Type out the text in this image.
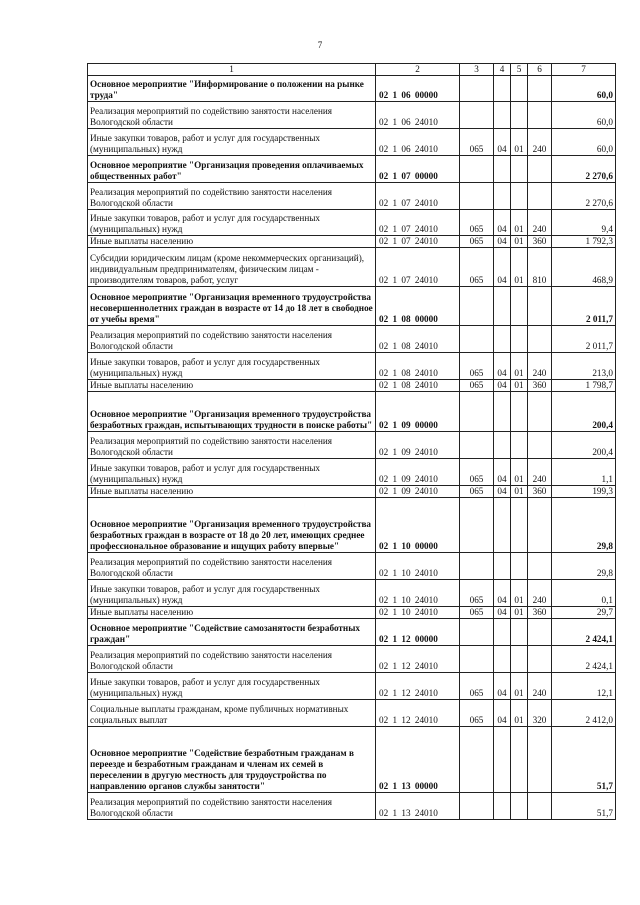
7
1	2	3	4	5	6	7
Основное мероприятие "Информирование о положении на рынке труда"	02 1 06 00000					60,0
Реализация мероприятий по содействию занятости населения Вологодской области	02 1 06 24010					60,0
Иные закупки товаров, работ и услуг для государственных (муниципальных) нужд	02 1 06 24010	065	04	01	240	60,0
Основное мероприятие "Организация проведения оплачиваемых общественных работ"	02 1 07 00000					2 270,6
Реализация мероприятий по содействию занятости населения Вологодской области	02 1 07 24010					2 270,6
Иные закупки товаров, работ и услуг для государственных (муниципальных) нужд	02 1 07 24010	065	04	01	240	9,4
Иные выплаты населению	02 1 07 24010	065	04	01	360	1 792,3
Субсидии юридическим лицам (кроме некоммерческих организаций), индивидуальным предпринимателям, физическим лицам - производителям товаров, работ, услуг	02 1 07 24010	065	04	01	810	468,9
Основное мероприятие "Организация временного трудоустройства несовершеннолетних граждан в возрасте от 14 до 18 лет в свободное от учебы время"	02 1 08 00000					2 011,7
Реализация мероприятий по содействию занятости населения Вологодской области	02 1 08 24010					2 011,7
Иные закупки товаров, работ и услуг для государственных (муниципальных) нужд	02 1 08 24010	065	04	01	240	213,0
Иные выплаты населению	02 1 08 24010	065	04	01	360	1 798,7
Основное мероприятие "Организация временного трудоустройства безработных граждан, испытывающих трудности в поиске работы"	02 1 09 00000					200,4
Реализация мероприятий по содействию занятости населения Вологодской области	02 1 09 24010					200,4
Иные закупки товаров, работ и услуг для государственных (муниципальных) нужд	02 1 09 24010	065	04	01	240	1,1
Иные выплаты населению	02 1 09 24010	065	04	01	360	199,3
Основное мероприятие "Организация временного трудоустройства безработных граждан в возрасте от 18 до 20 лет, имеющих среднее профессиональное образование и ищущих работу впервые"	02 1 10 00000					29,8
Реализация мероприятий по содействию занятости населения Вологодской области	02 1 10 24010					29,8
Иные закупки товаров, работ и услуг для государственных (муниципальных) нужд	02 1 10 24010	065	04	01	240	0,1
Иные выплаты населению	02 1 10 24010	065	04	01	360	29,7
Основное мероприятие "Содействие самозанятости безработных граждан"	02 1 12 00000					2 424,1
Реализация мероприятий по содействию занятости населения Вологодской области	02 1 12 24010					2 424,1
Иные закупки товаров, работ и услуг для государственных (муниципальных) нужд	02 1 12 24010	065	04	01	240	12,1
Социальные выплаты гражданам, кроме публичных нормативных социальных выплат	02 1 12 24010	065	04	01	320	2 412,0
Основное мероприятие "Содействие безработным гражданам в переезде и безработным гражданам и членам их семей в переселении в другую местность для трудоустройства по направлению органов службы занятости"	02 1 13 00000					51,7
Реализация мероприятий по содействию занятости населения Вологодской области	02 1 13 24010					51,7
